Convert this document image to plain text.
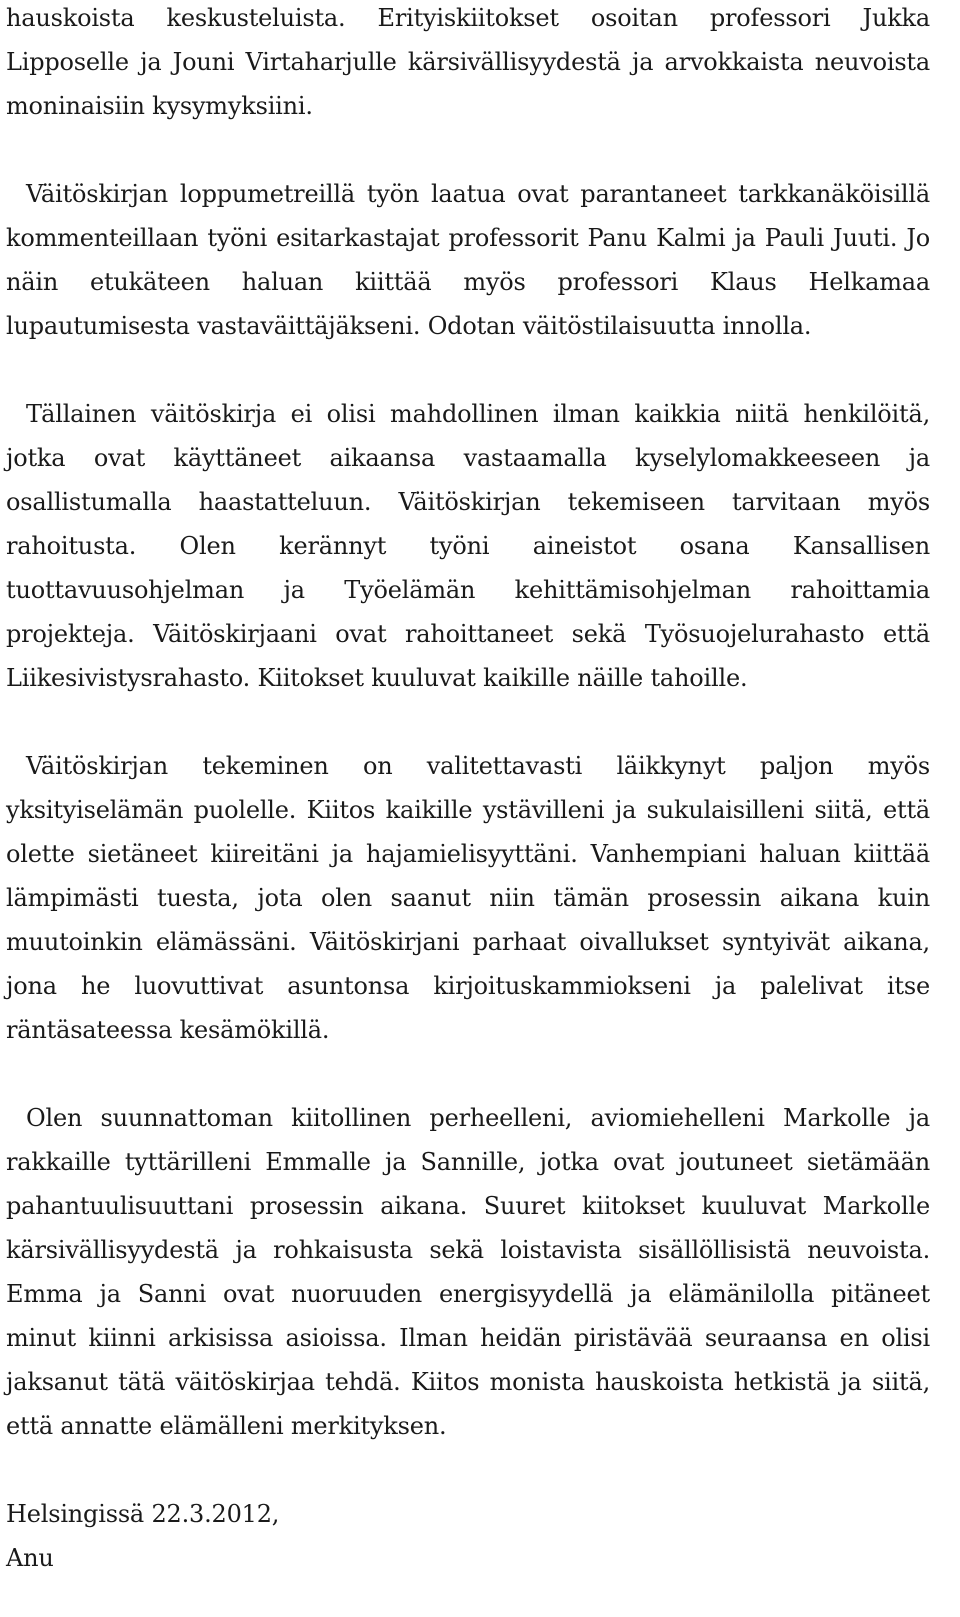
hauskoista keskusteluista. Erityiskiitokset osoitan professori Jukka Lipposelle ja Jouni Virtaharjulle kärsivällisyydestä ja arvokkaista neuvoista moninaisiin kysymyksiini.

Väitöskirjan loppumetreillä työn laatua ovat parantaneet tarkkanäköisillä kommenteillaan työni esitarkastajat professorit Panu Kalmi ja Pauli Juuti. Jo näin etukäteen haluan kiittää myös professori Klaus Helkamaa lupautumisesta vastaväittäjäkseni. Odotan väitöstilaisuutta innolla.

Tällainen väitöskirja ei olisi mahdollinen ilman kaikkia niitä henkilöitä, jotka ovat käyttäneet aikaansa vastaamalla kyselylomakkeeseen ja osallistumalla haastatteluun. Väitöskirjan tekemiseen tarvitaan myös rahoitusta. Olen kerännyt työni aineistot osana Kansallisen tuottavuusohjelman ja Työelämän kehittämisohjelman rahoittamia projekteja. Väitöskirjaani ovat rahoittaneet sekä Työsuojelurahasto että Liikesivistysrahasto. Kiitokset kuuluvat kaikille näille tahoille.

Väitöskirjan tekeminen on valitettavasti läikkynyt paljon myös yksityiselämän puolelle. Kiitos kaikille ystävilleni ja sukulaisilleni siitä, että olette sietäneet kiireitäni ja hajamielisyyttäni. Vanhempiani haluan kiittää lämpimästi tuesta, jota olen saanut niin tämän prosessin aikana kuin muutoinkin elämässäni. Väitöskirjani parhaat oivallukset syntyivät aikana, jona he luovuttivat asuntonsa kirjoituskammiokseni ja palelivat itse räntäsateessa kesämökillä.

Olen suunnattoman kiitollinen perheelleni, aviomiehelleni Markolle ja rakkaille tyttärilleni Emmalle ja Sannille, jotka ovat joutuneet sietämään pahantuulisuuttani prosessin aikana. Suuret kiitokset kuuluvat Markolle kärsivällisyydestä ja rohkaisusta sekä loistavista sisällöllisistä neuvoista. Emma ja Sanni ovat nuoruuden energisyydellä ja elämänilolla pitäneet minut kiinni arkisissa asioissa. Ilman heidän piristävää seuraansa en olisi jaksanut tätä väitöskirjaa tehdä. Kiitos monista hauskoista hetkistä ja siitä, että annatte elämälleni merkityksen.

Helsingissä 22.3.2012,

Anu
